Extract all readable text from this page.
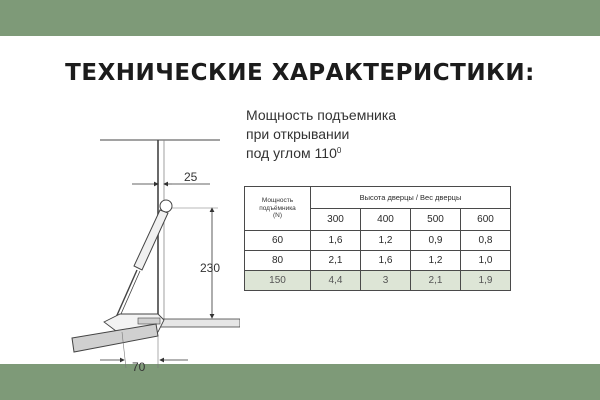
ТЕХНИЧЕСКИЕ ХАРАКТЕРИСТИКИ:
25
230
70
Мощность подъемника
при открывании
под углом $110^0$
Мощность
подъёмника
(N)	Высота дверцы / Вес дверцы			
	300	400	500	600
60	1,6	1,2	0,9	0,8
80	2,1	1,6	1,2	1,0
150	4,4	3	2,1	1,9
